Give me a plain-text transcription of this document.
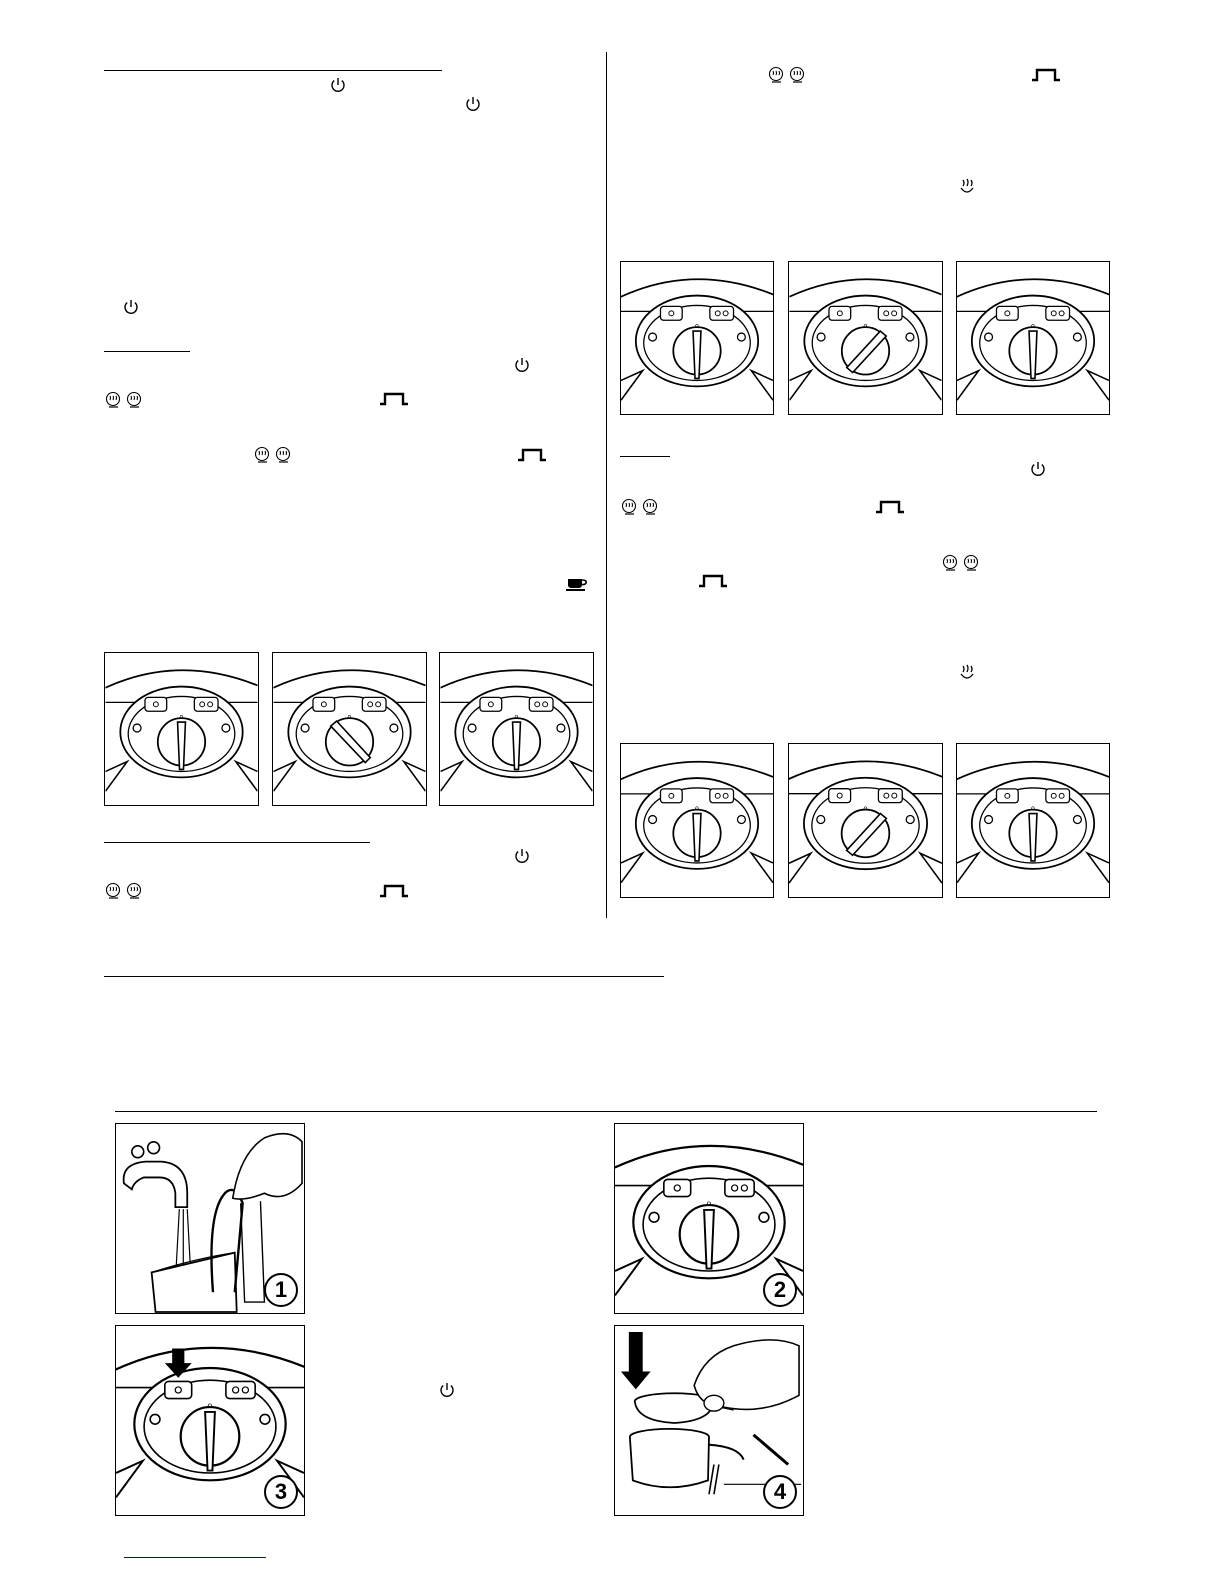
1	2
3	4
